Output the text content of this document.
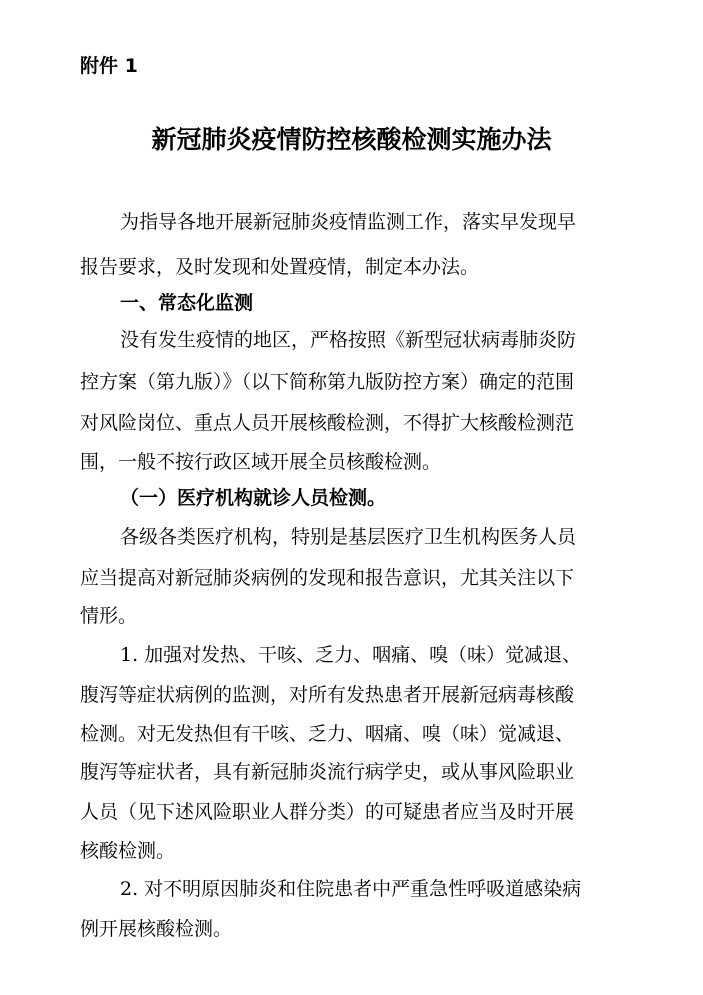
附件 1
新冠肺炎疫情防控核酸检测实施办法
为指导各地开展新冠肺炎疫情监测工作，落实早发现早
报告要求，及时发现和处置疫情，制定本办法。
一、常态化监测
没有发生疫情的地区，严格按照《新型冠状病毒肺炎防
控方案（第九版）》（以下简称第九版防控方案）确定的范围
对风险岗位、重点人员开展核酸检测，不得扩大核酸检测范
围，一般不按行政区域开展全员核酸检测。
（一）医疗机构就诊人员检测。
各级各类医疗机构，特别是基层医疗卫生机构医务人员
应当提高对新冠肺炎病例的发现和报告意识，尤其关注以下
情形。
1. 加强对发热、干咳、乏力、咽痛、嗅（味）觉减退、
腹泻等症状病例的监测，对所有发热患者开展新冠病毒核酸
检测。对无发热但有干咳、乏力、咽痛、嗅（味）觉减退、
腹泻等症状者，具有新冠肺炎流行病学史，或从事风险职业
人员（见下述风险职业人群分类）的可疑患者应当及时开展
核酸检测。
2. 对不明原因肺炎和住院患者中严重急性呼吸道感染病
例开展核酸检测。
